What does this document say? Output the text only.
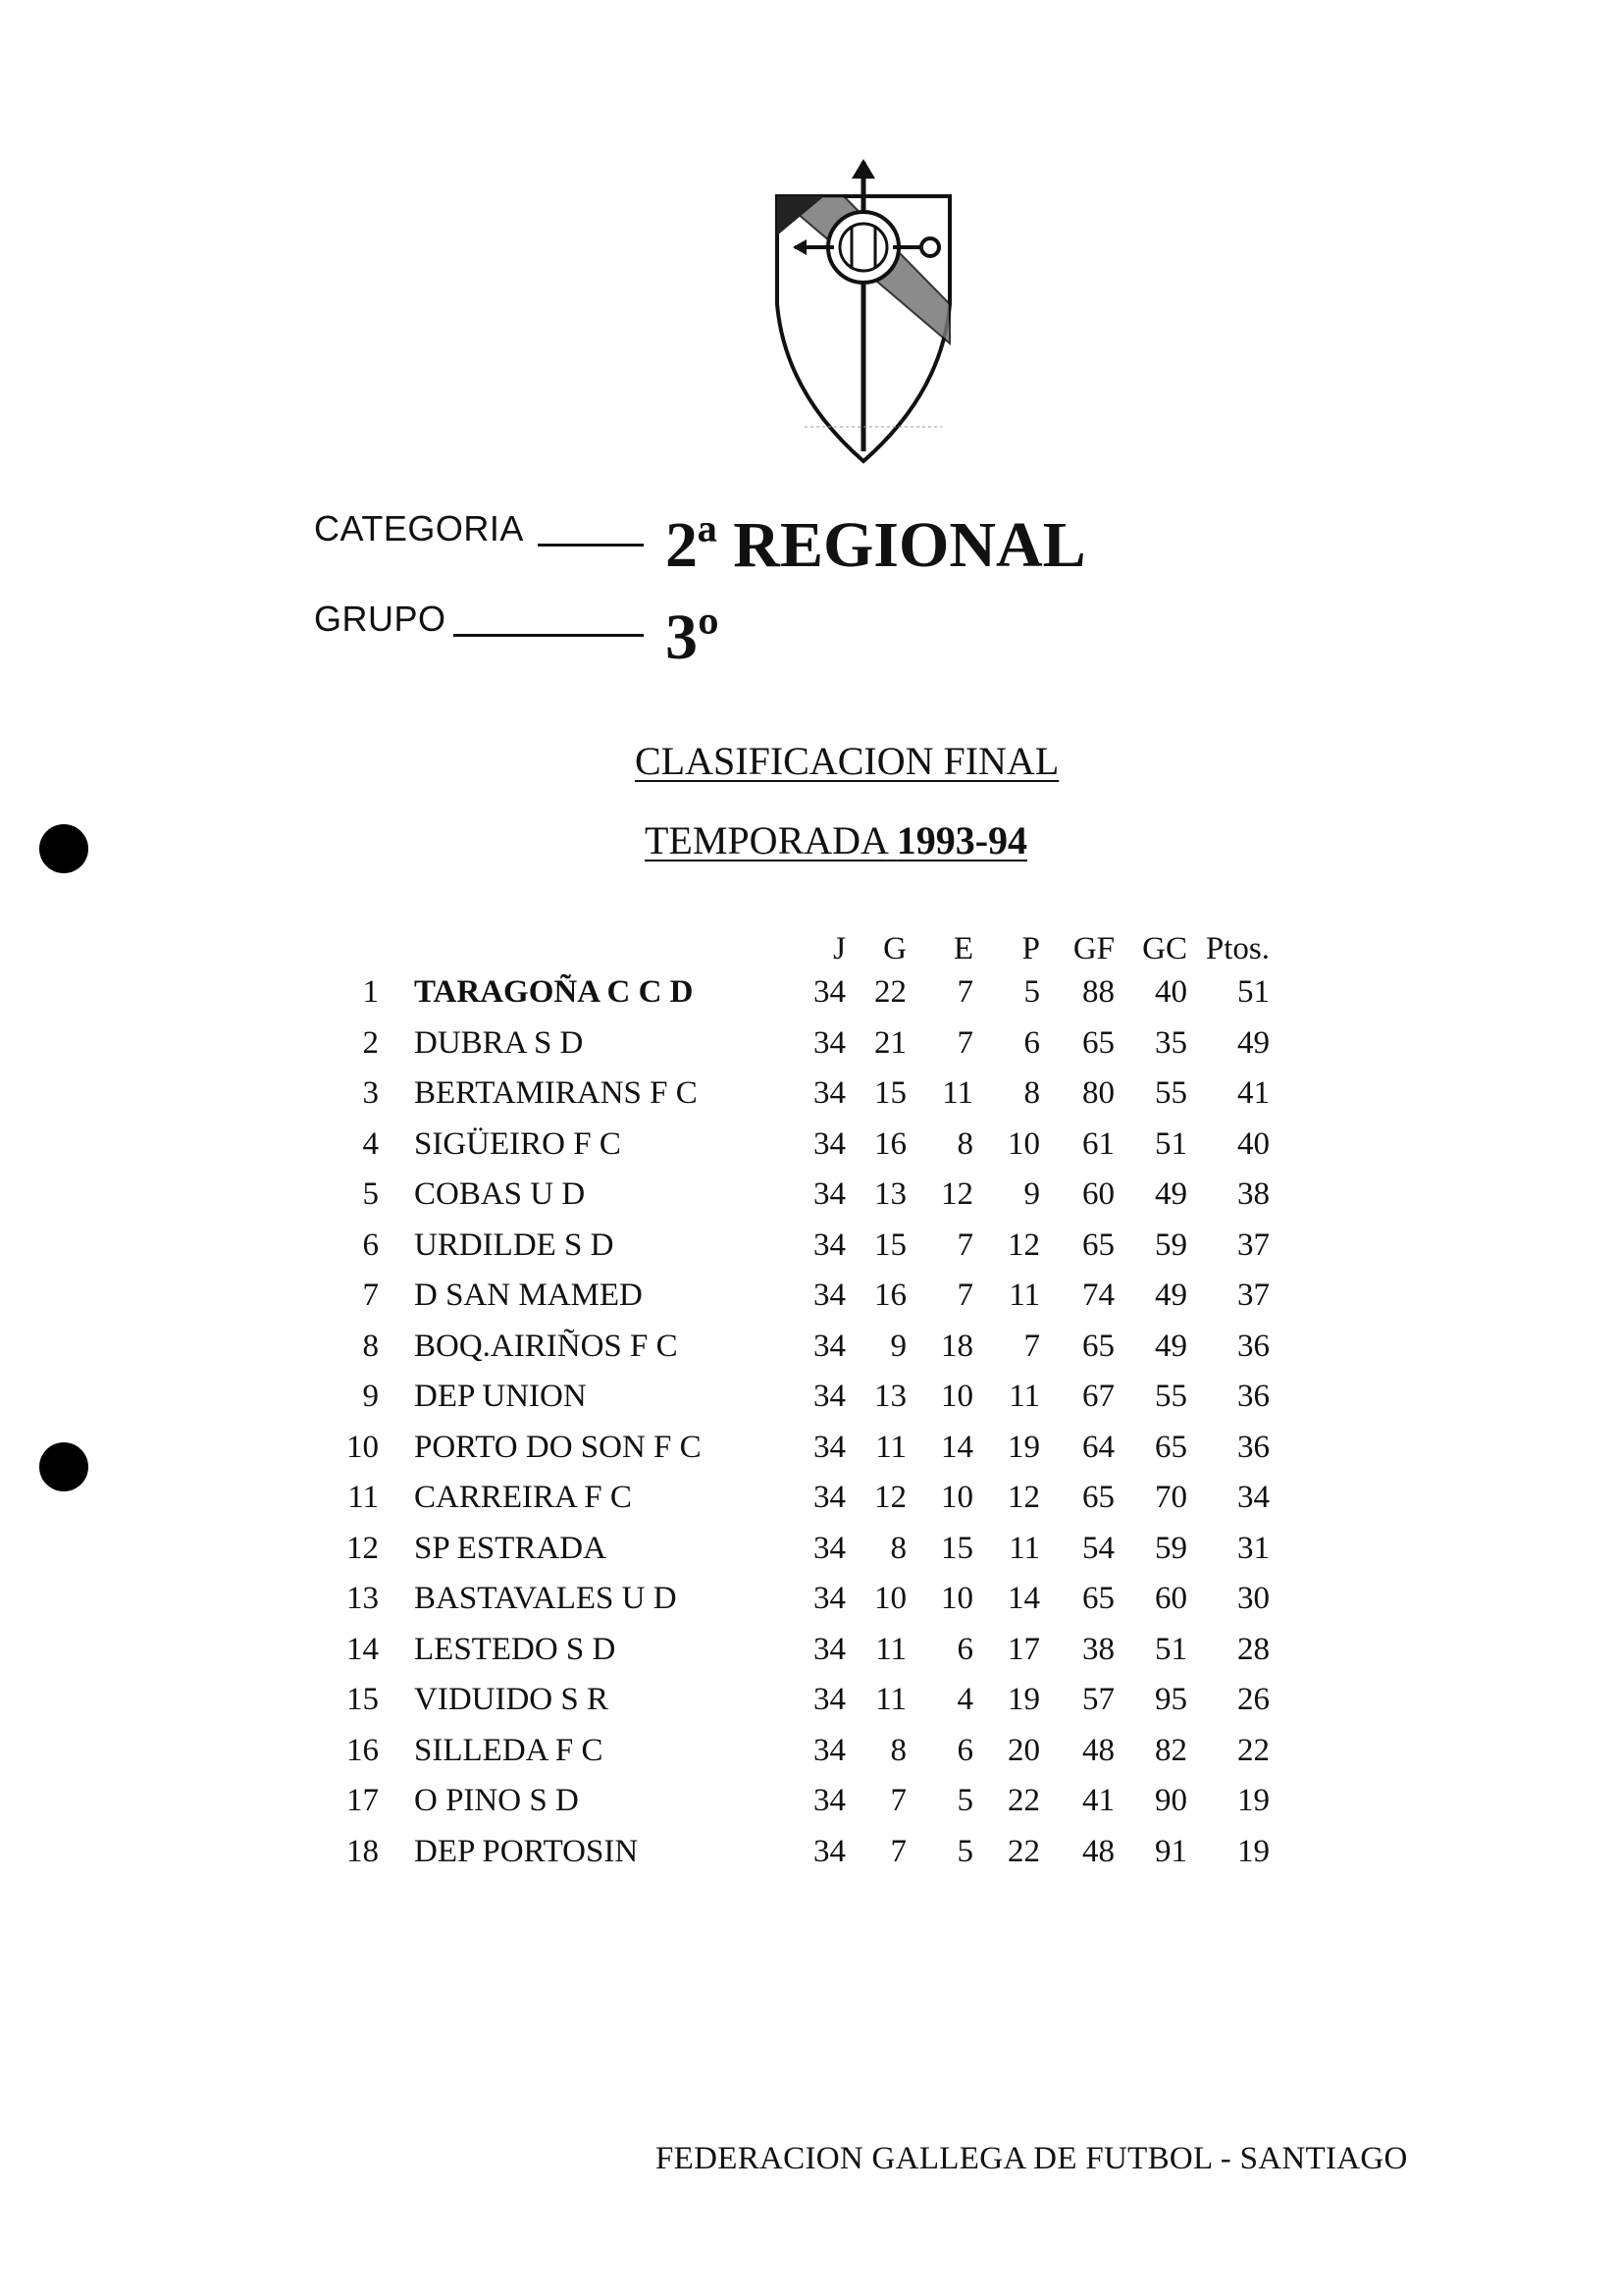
CATEGORIA 2ª REGIONAL
GRUPO	3º
CLASIFICACION FINAL
TEMPORADA 1993-94
		J	G	E	P	GF	GC	Ptos.
1	TARAGOÑA C C D	34	22	7	5	88	40	51
2	DUBRA S D	34	21	7	6	65	35	49
3	BERTAMIRANS F C	34	15	11	8	80	55	41
4	SIGÜEIRO F C	34	16	8	10	61	51	40
5	COBAS U D	34	13	12	9	60	49	38
6	URDILDE S D	34	15	7	12	65	59	37
7	D SAN MAMED	34	16	7	11	74	49	37
8	BOQ.AIRIÑOS F C	34	9	18	7	65	49	36
9	DEP UNION	34	13	10	11	67	55	36
10	PORTO DO SON F C	34	11	14	19	64	65	36
11	CARREIRA F C	34	12	10	12	65	70	34
12	SP ESTRADA	34	8	15	11	54	59	31
13	BASTAVALES U D	34	10	10	14	65	60	30
14	LESTEDO S D	34	11	6	17	38	51	28
15	VIDUIDO S R	34	11	4	19	57	95	26
16	SILLEDA F C	34	8	6	20	48	82	22
17	O PINO S D	34	7	5	22	41	90	19
18	DEP PORTOSIN	34	7	5	22	48	91	19
FEDERACION GALLEGA DE FUTBOL - SANTIAGO
